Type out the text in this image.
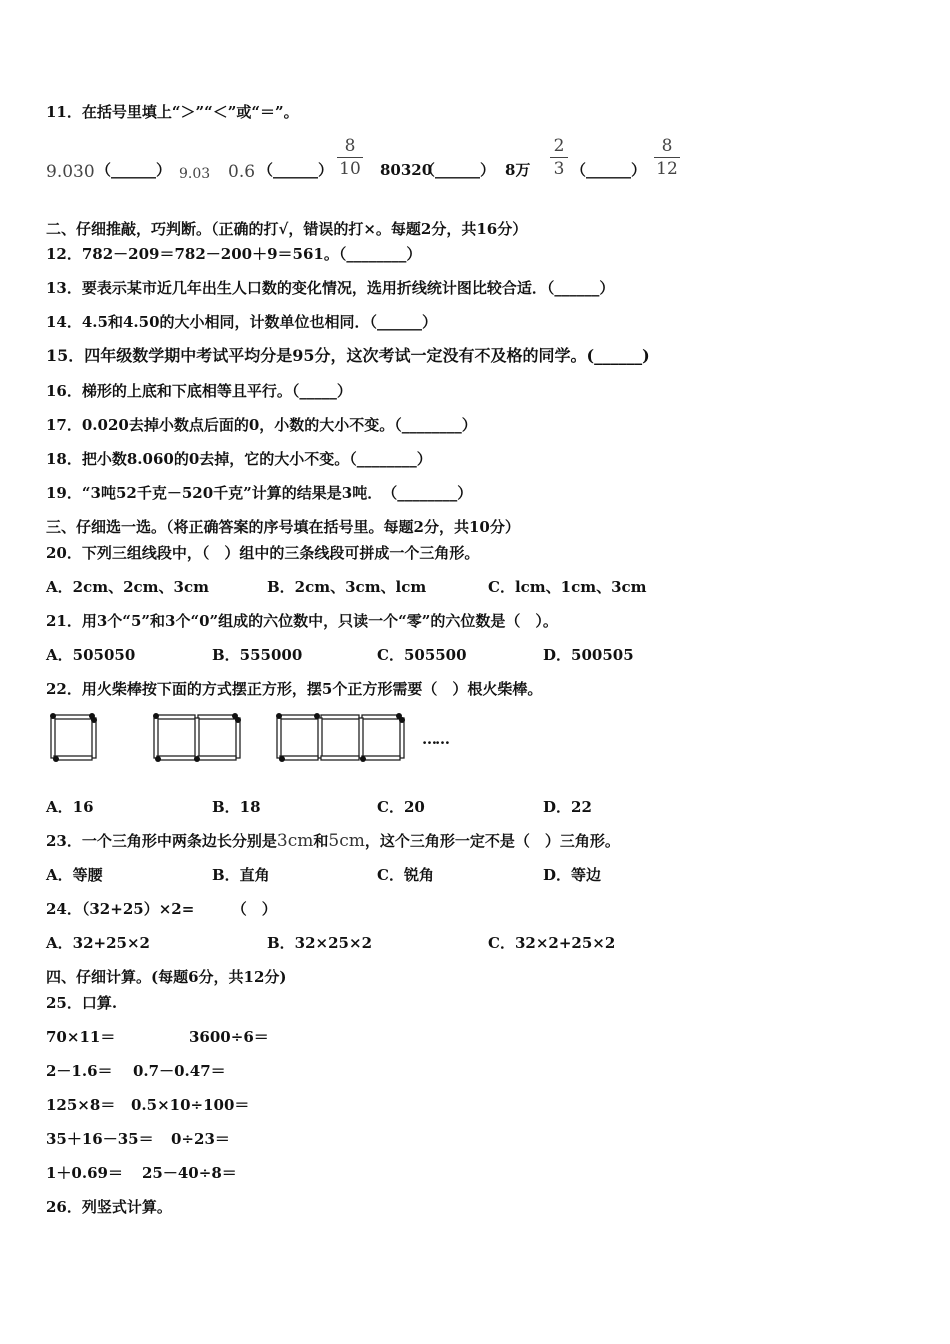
11．在括号里填上“＞”“＜”或“＝”。
9.030 （______） 9.03 0.6 （______）
8
10 80320
（______） 8万
2
3 （______）
8
12
二、仔细推敲，巧判断。（正确的打√，错误的打×。每题2分，共16分）
12．782－209＝782－200＋9＝561。（________）
13．要表示某市近几年出生人口数的变化情况，选用折线统计图比较合适．（______）
14．4.5和4.50的大小相同，计数单位也相同．（______）
15．四年级数学期中考试平均分是95分，这次考试一定没有不及格的同学。(______)
16．梯形的上底和下底相等且平行。（_____）
17．0.020去掉小数点后面的0，小数的大小不变。（________）
18．把小数8.060的0去掉，它的大小不变。（________）
19．“3吨52千克－520千克”计算的结果是3吨．　（________）
三、仔细选一选。（将正确答案的序号填在括号里。每题2分，共10分）
20．下列三组线段中，（　）组中的三条线段可拼成一个三角形。
A．2cm、2cm、3cm	B．2cm、3cm、lcm	C．lcm、1cm、3cm
21．用3个“5”和3个“0”组成的六位数中，只读一个“零”的六位数是（　）。
A．505050	B．555000	C．505500	D．500505
22．用火柴棒按下面的方式摆正方形，摆5个正方形需要（　）根火柴棒。
……
A．16	B．18	C．20	D．22
23．一个三角形中两条边长分别是3cm和5cm，这个三角形一定不是（　）三角形。
A．等腰	B．直角	C．锐角	D．等边
24．（32+25）×2=　　　（　）
A．32+25×2	B．32×25×2	C．32×2+25×2
四、仔细计算。(每题6分，共12分)
25．口算.
70×11＝	3600÷6＝
2－1.6＝ 0.7－0.47＝
125×8＝ 0.5×10÷100＝
35＋16－35＝ 0÷23＝
1＋0.69＝ 25－40÷8＝
26．列竖式计算。
